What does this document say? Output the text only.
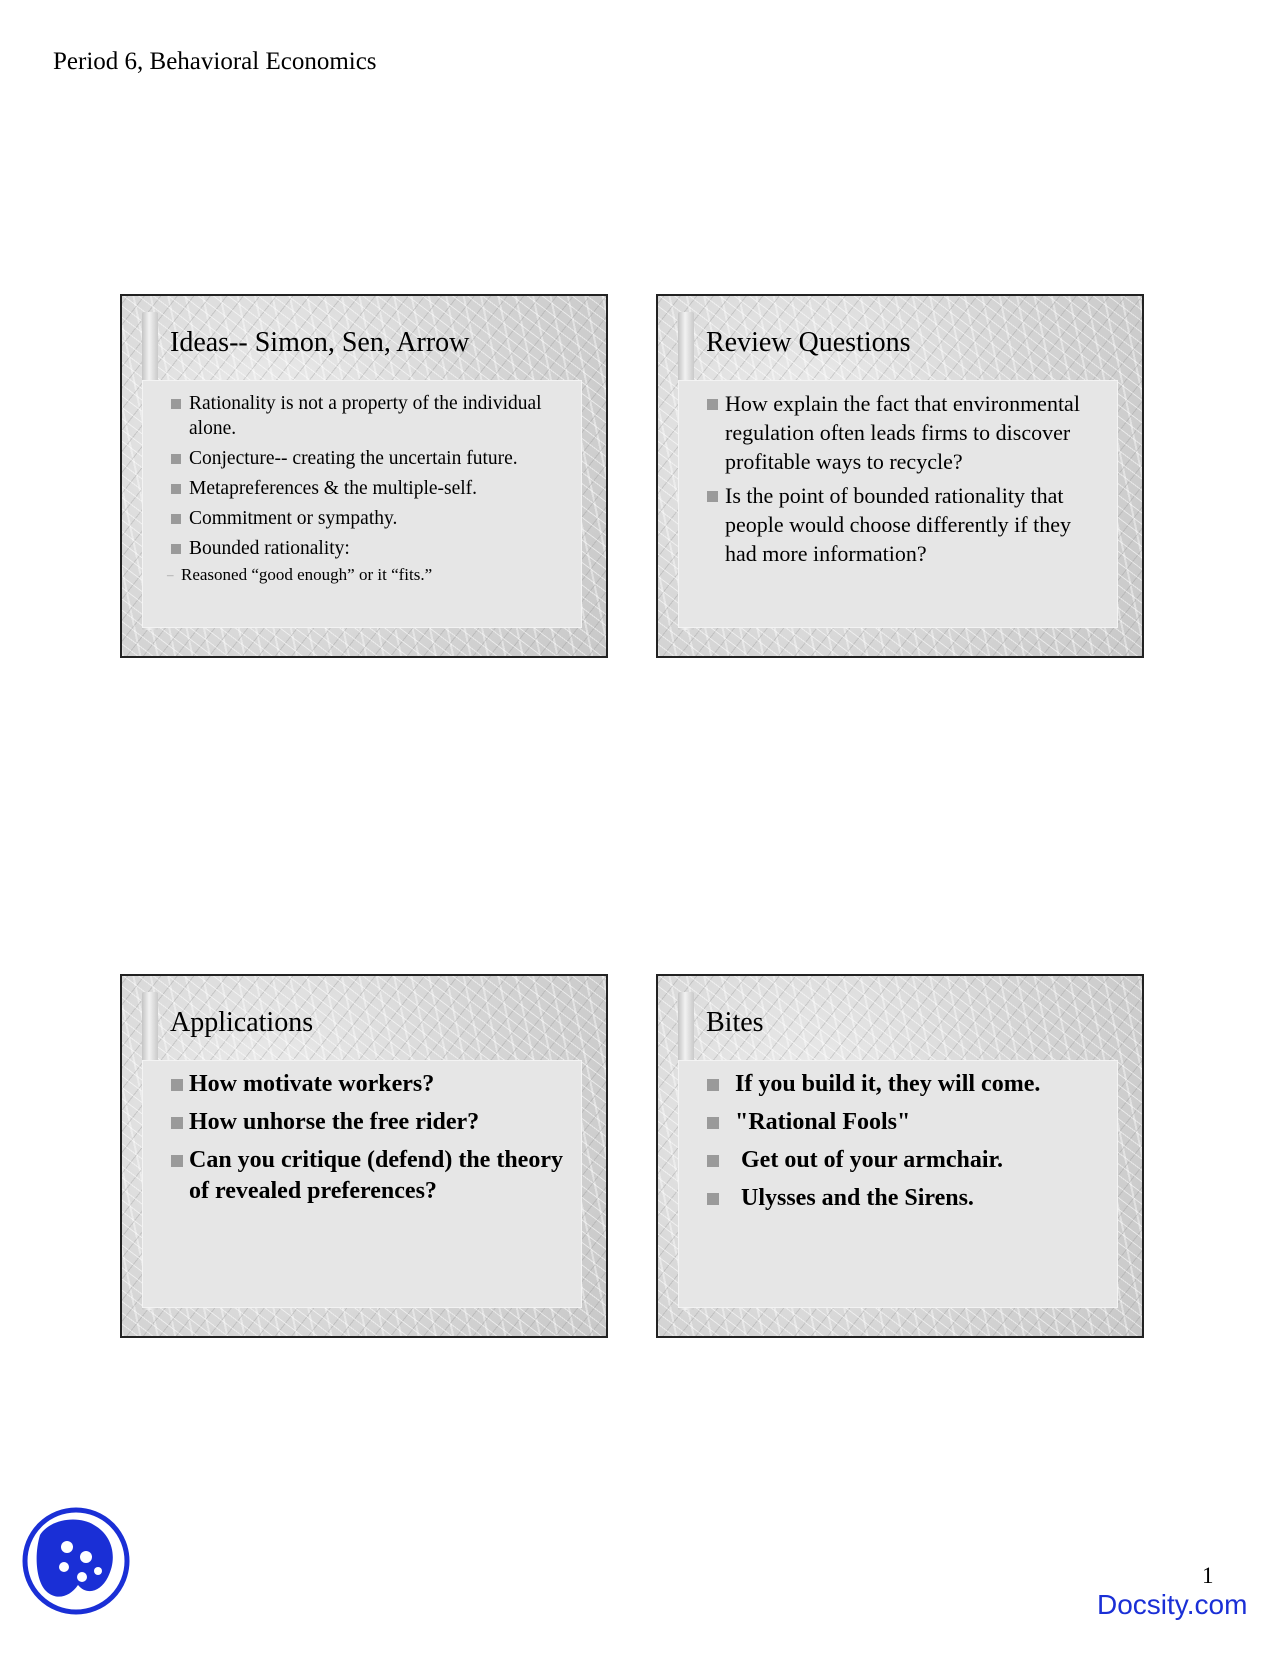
Period 6, Behavioral Economics
Ideas-- Simon, Sen, Arrow
Rationality is not a property of the individual alone.
Conjecture-- creating the uncertain future.
Metapreferences & the multiple-self.
Commitment or sympathy.
Bounded rationality:
– Reasoned “good enough” or it “fits.”
Review Questions
How explain the fact that environmental regulation often leads firms to discover profitable ways to recycle?
Is the point of bounded rationality that people would choose differently if they had more information?
Applications
How motivate workers?
How unhorse the free rider?
Can you critique (defend) the theory of revealed preferences?
Bites
If you build it, they will come.
"Rational Fools"
Get out of your armchair.
Ulysses and the Sirens.
1
Docsity.com
